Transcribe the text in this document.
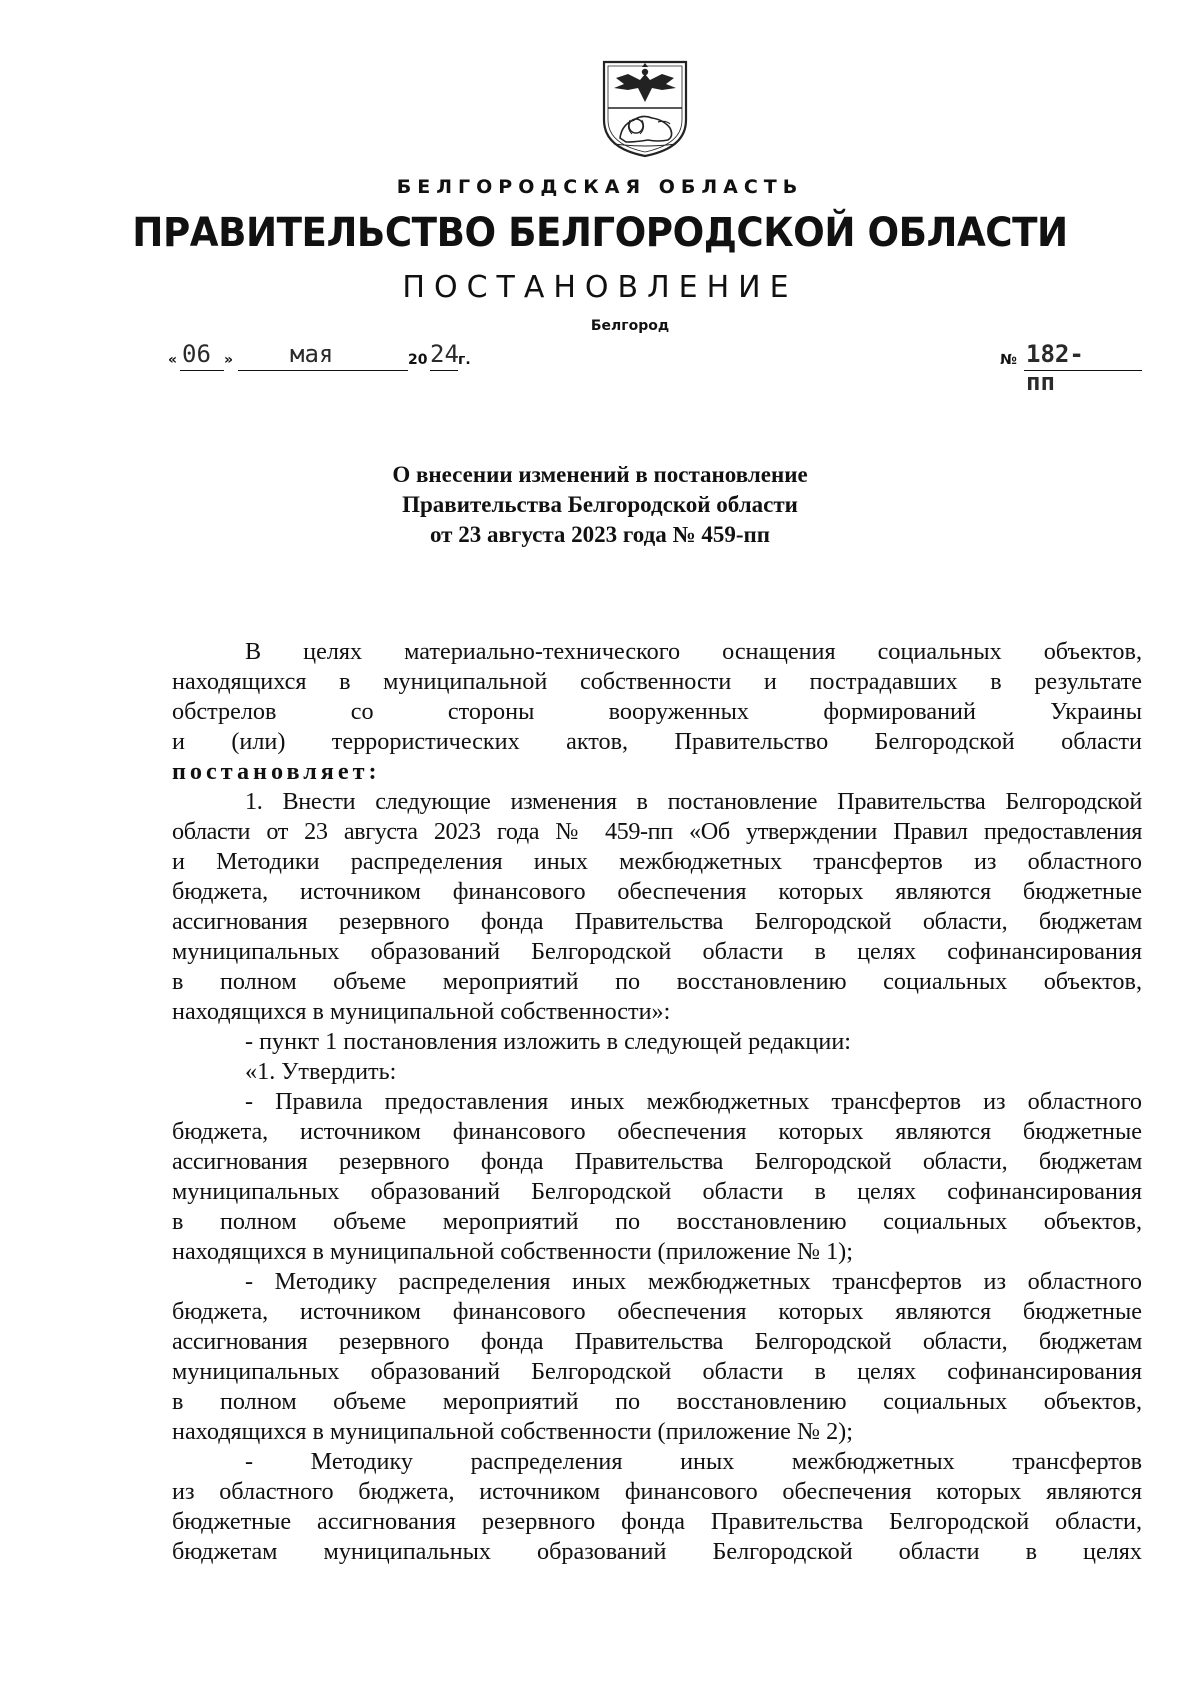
БЕЛГОРОДСКАЯ ОБЛАСТЬ
ПРАВИТЕЛЬСТВО БЕЛГОРОДСКОЙ ОБЛАСТИ
ПОСТАНОВЛЕНИЕ
Белгород
« 06 » мая	20 24 г.	№ 182-пп
О внесении изменений в постановление
Правительства Белгородской области
от 23 августа 2023 года № 459-пп

В целях материально-технического оснащения социальных объектов,

находящихся в муниципальной собственности и пострадавших в результате

обстрелов со стороны вооруженных формирований Украины

и (или) террористических актов, Правительство Белгородской области

постановляет:

1. Внести следующие изменения в постановление Правительства Белгородской

области от 23 августа 2023 года № 459-пп «Об утверждении Правил предоставления

и Методики распределения иных межбюджетных трансфертов из областного

бюджета, источником финансового обеспечения которых являются бюджетные

ассигнования резервного фонда Правительства Белгородской области, бюджетам

муниципальных образований Белгородской области в целях софинансирования

в полном объеме мероприятий по восстановлению социальных объектов,

находящихся в муниципальной собственности»:

- пункт 1 постановления изложить в следующей редакции:

«1. Утвердить:

- Правила предоставления иных межбюджетных трансфертов из областного

бюджета, источником финансового обеспечения которых являются бюджетные

ассигнования резервного фонда Правительства Белгородской области, бюджетам

муниципальных образований Белгородской области в целях софинансирования

в полном объеме мероприятий по восстановлению социальных объектов,

находящихся в муниципальной собственности (приложение № 1);

- Методику распределения иных межбюджетных трансфертов из областного

бюджета, источником финансового обеспечения которых являются бюджетные

ассигнования резервного фонда Правительства Белгородской области, бюджетам

муниципальных образований Белгородской области в целях софинансирования

в полном объеме мероприятий по восстановлению социальных объектов,

находящихся в муниципальной собственности (приложение № 2);

- Методику распределения иных межбюджетных трансфертов

из областного бюджета, источником финансового обеспечения которых являются

бюджетные ассигнования резервного фонда Правительства Белгородской области,

бюджетам муниципальных образований Белгородской области в целях
